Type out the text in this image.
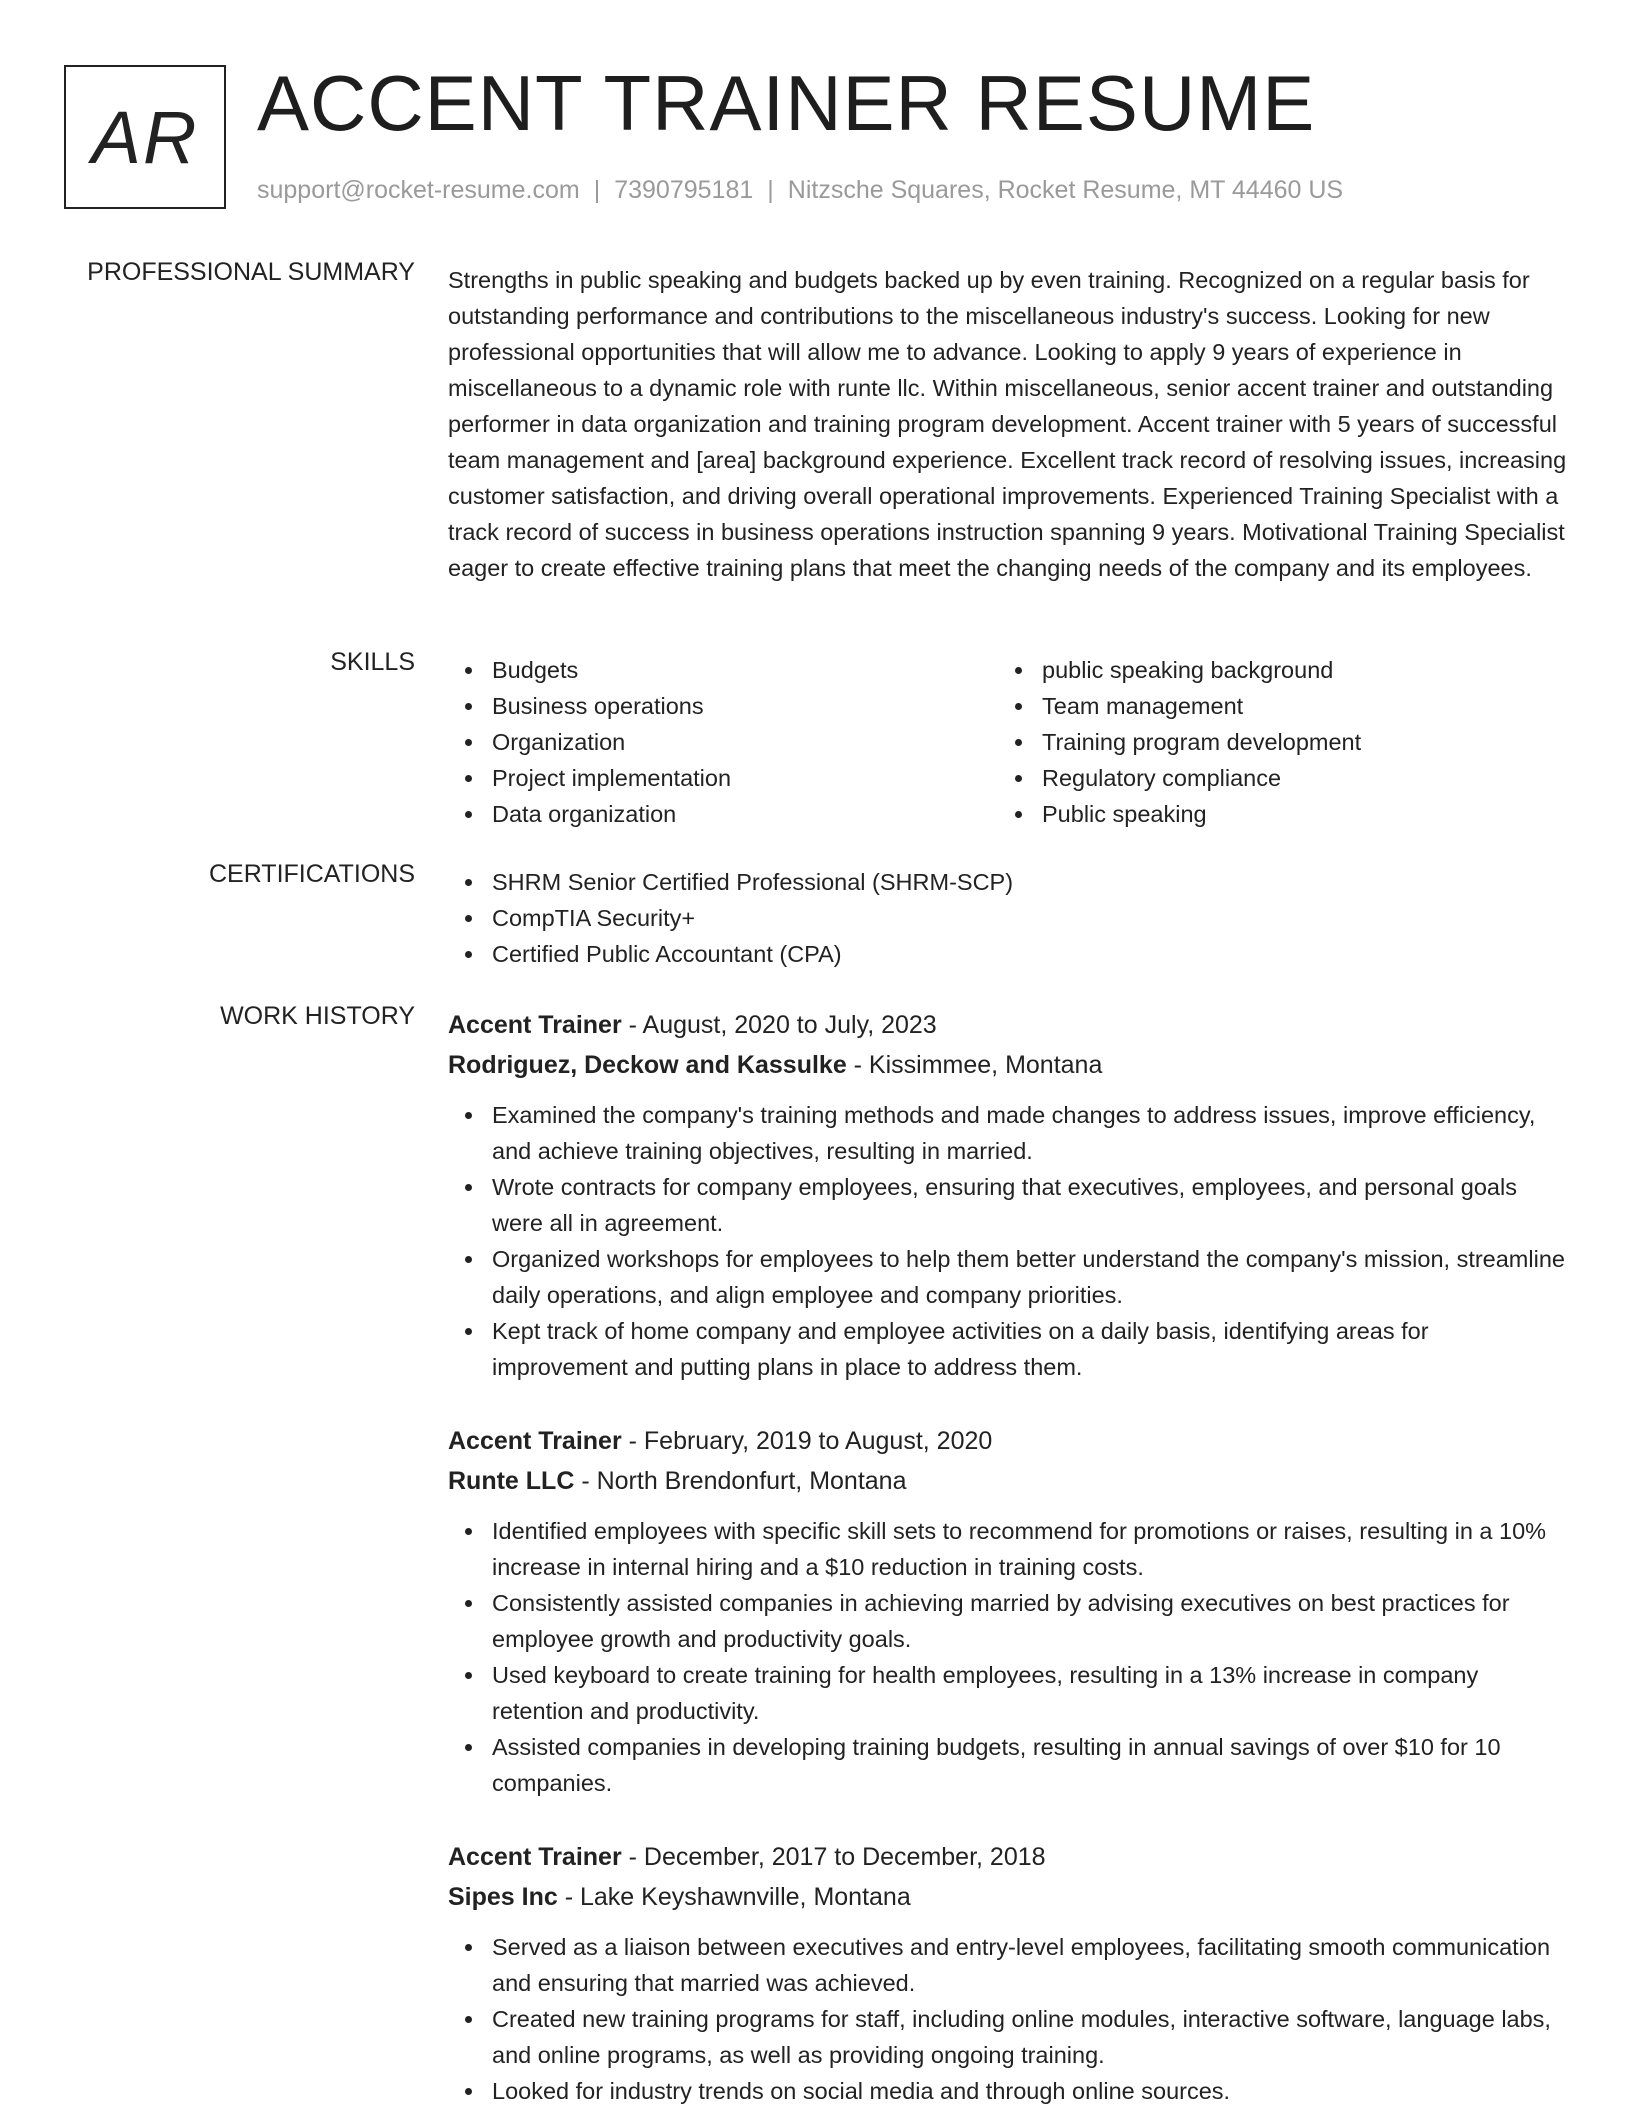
AR ACCENT TRAINER RESUME
support@rocket-resume.com | 7390795181 | Nitzsche Squares, Rocket Resume, MT 44460 US
PROFESSIONAL SUMMARY Strengths in public speaking and budgets backed up by even training. Recognized on a regular basis for outstanding performance and contributions to the miscellaneous industry's success. Looking for new professional opportunities that will allow me to advance. Looking to apply 9 years of experience in miscellaneous to a dynamic role with runte llc. Within miscellaneous, senior accent trainer and outstanding performer in data organization and training program development. Accent trainer with 5 years of successful team management and [area] background experience. Excellent track record of resolving issues, increasing customer satisfaction, and driving overall operational improvements. Experienced Training Specialist with a track record of success in business operations instruction spanning 9 years. Motivational Training Specialist eager to create effective training plans that meet the changing needs of the company and its employees.

SKILLS	Budgets
Business operations
Organization
Project implementation
Data organization
public speaking background
Team management
Training program development
Regulatory compliance
Public speaking
CERTIFICATIONS	SHRM Senior Certified Professional (SHRM-SCP)
CompTIA Security+
Certified Public Accountant (CPA)
WORK HISTORY Accent Trainer - August, 2020 to July, 2023
Rodriguez, Deckow and Kassulke - Kissimmee, Montana
Examined the company's training methods and made changes to address issues, improve efficiency, and achieve training objectives, resulting in married.
Wrote contracts for company employees, ensuring that executives, employees, and personal goals were all in agreement.
Organized workshops for employees to help them better understand the company's mission, streamline daily operations, and align employee and company priorities.
Kept track of home company and employee activities on a daily basis, identifying areas for improvement and putting plans in place to address them.
Accent Trainer - February, 2019 to August, 2020
Runte LLC - North Brendonfurt, Montana
Identified employees with specific skill sets to recommend for promotions or raises, resulting in a 10% increase in internal hiring and a $10 reduction in training costs.
Consistently assisted companies in achieving married by advising executives on best practices for employee growth and productivity goals.
Used keyboard to create training for health employees, resulting in a 13% increase in company retention and productivity.
Assisted companies in developing training budgets, resulting in annual savings of over $10 for 10 companies.
Accent Trainer - December, 2017 to December, 2018
Sipes Inc - Lake Keyshawnville, Montana
Served as a liaison between executives and entry-level employees, facilitating smooth communication and ensuring that married was achieved.
Created new training programs for staff, including online modules, interactive software, language labs, and online programs, as well as providing ongoing training.
Looked for industry trends on social media and through online sources.
